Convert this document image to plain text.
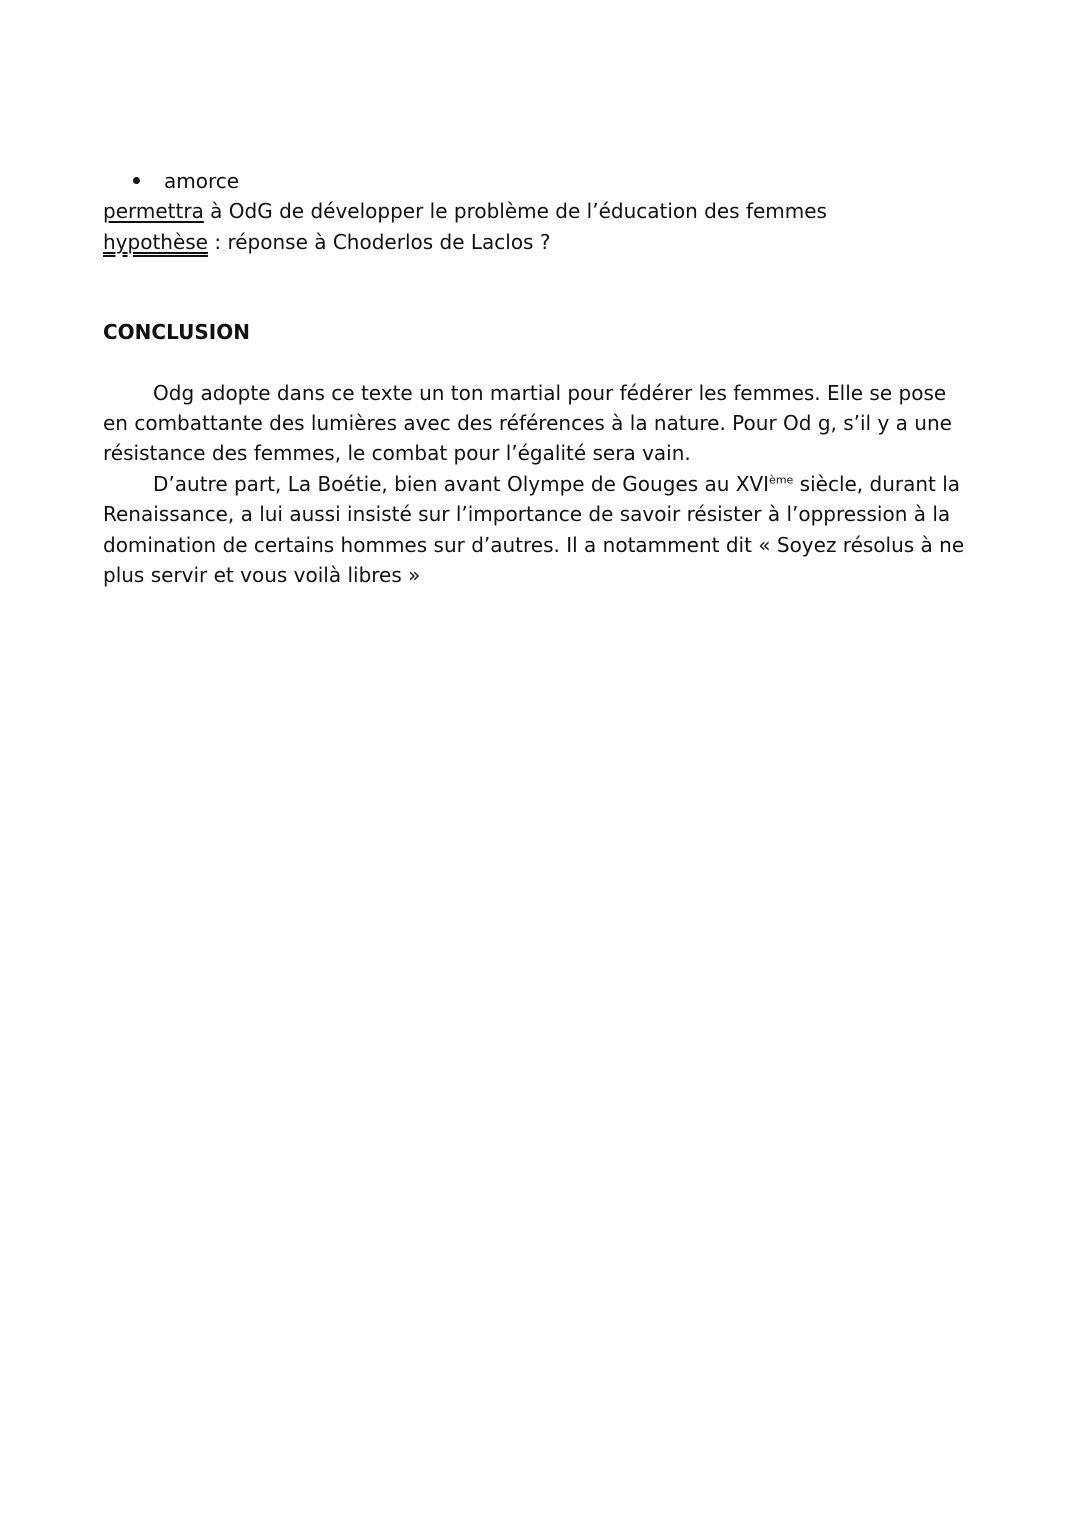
amorce
permettra à OdG de développer le problème de l’éducation des femmes
hypothèse : réponse à Choderlos de Laclos ?
CONCLUSION
Odg adopte dans ce texte un ton martial pour fédérer les femmes. Elle se pose
en combattante des lumières avec des références à la nature. Pour Od g, s’il y a une
résistance des femmes, le combat pour l’égalité sera vain.
D’autre part, La Boétie, bien avant Olympe de Gouges au XVIème siècle, durant la
Renaissance, a lui aussi insisté sur l’importance de savoir résister à l’oppression à la
domination de certains hommes sur d’autres. Il a notamment dit « Soyez résolus à ne
plus servir et vous voilà libres »
